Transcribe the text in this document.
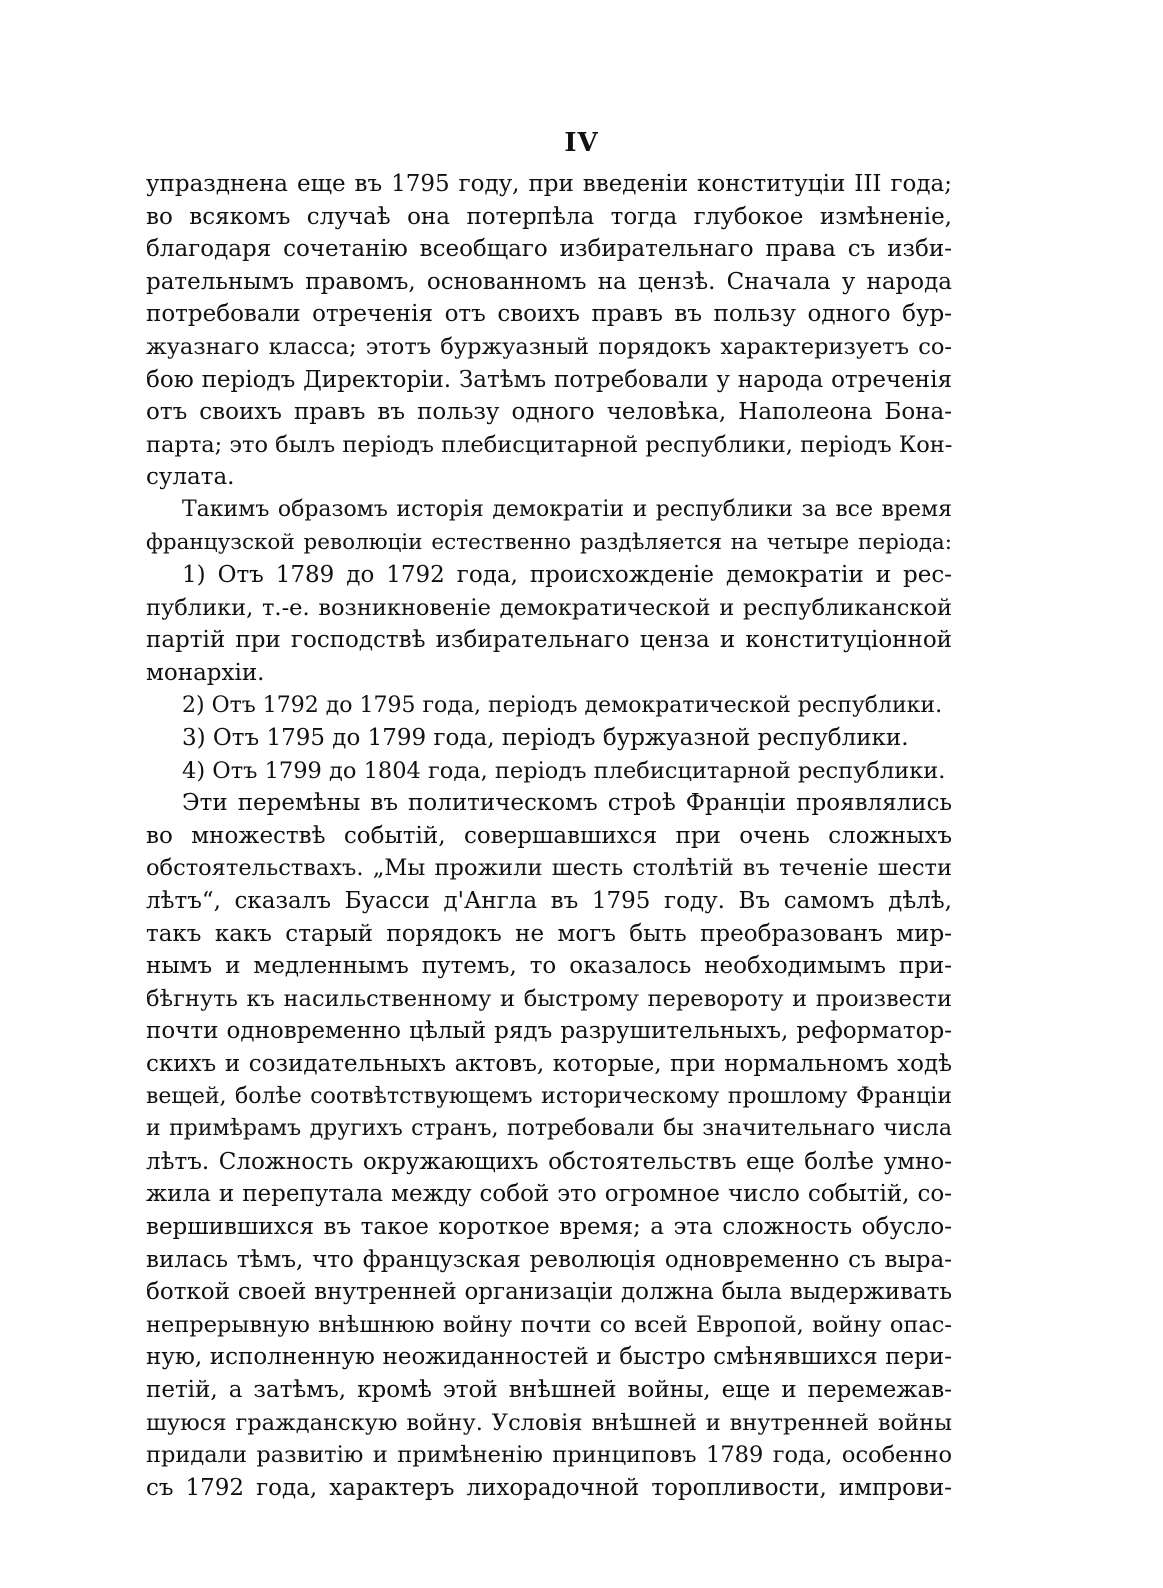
IV
упразднена еще въ 1795 году, при введеніи конституціи III года;
во всякомъ случаѣ она потерпѣла тогда глубокое измѣненіе,
благодаря сочетанію всеобщаго избирательнаго права съ изби-
рательнымъ правомъ, основанномъ на цензѣ. Сначала у народа
потребовали отреченія отъ своихъ правъ въ пользу одного бур-
жуазнаго класса; этотъ буржуазный порядокъ характеризуетъ со-
бою періодъ Директоріи. Затѣмъ потребовали у народа отреченія
отъ своихъ правъ въ пользу одного человѣка, Наполеона Бона-
парта; это былъ періодъ плебисцитарной республики, періодъ Кон-
сулата.
Такимъ образомъ исторія демократіи и республики за все время
французской революціи естественно раздѣляется на четыре періода:
1) Отъ 1789 до 1792 года, происхожденіе демократіи и рес-
публики, т.-е. возникновеніе демократической и республиканской
партій при господствѣ избирательнаго ценза и конституціонной
монархіи.
2) Отъ 1792 до 1795 года, періодъ демократической республики.
3) Отъ 1795 до 1799 года, періодъ буржуазной республики.
4) Отъ 1799 до 1804 года, періодъ плебисцитарной республики.
Эти перемѣны въ политическомъ строѣ Франціи проявлялись
во множествѣ событій, совершавшихся при очень сложныхъ
обстоятельствахъ. „Мы прожили шесть столѣтій въ теченіе шести
лѣтъ“, сказалъ Буасси д'Англа въ 1795 году. Въ самомъ дѣлѣ,
такъ какъ старый порядокъ не могъ быть преобразованъ мир-
нымъ и медленнымъ путемъ, то оказалось необходимымъ при-
бѣгнуть къ насильственному и быстрому перевороту и произвести
почти одновременно цѣлый рядъ разрушительныхъ, реформатор-
скихъ и созидательныхъ актовъ, которые, при нормальномъ ходѣ
вещей, болѣе соотвѣтствующемъ историческому прошлому Франціи
и примѣрамъ другихъ странъ, потребовали бы значительнаго числа
лѣтъ. Сложность окружающихъ обстоятельствъ еще болѣе умно-
жила и перепутала между собой это огромное число событій, со-
вершившихся въ такое короткое время; а эта сложность обусло-
вилась тѣмъ, что французская революція одновременно съ выра-
боткой своей внутренней организаціи должна была выдерживать
непрерывную внѣшнюю войну почти со всей Европой, войну опас-
ную, исполненную неожиданностей и быстро смѣнявшихся пери-
петій, а затѣмъ, кромѣ этой внѣшней войны, еще и перемежав-
шуюся гражданскую войну. Условія внѣшней и внутренней войны
придали развитію и примѣненію принциповъ 1789 года, особенно
съ 1792 года, характеръ лихорадочной торопливости, импрови-
